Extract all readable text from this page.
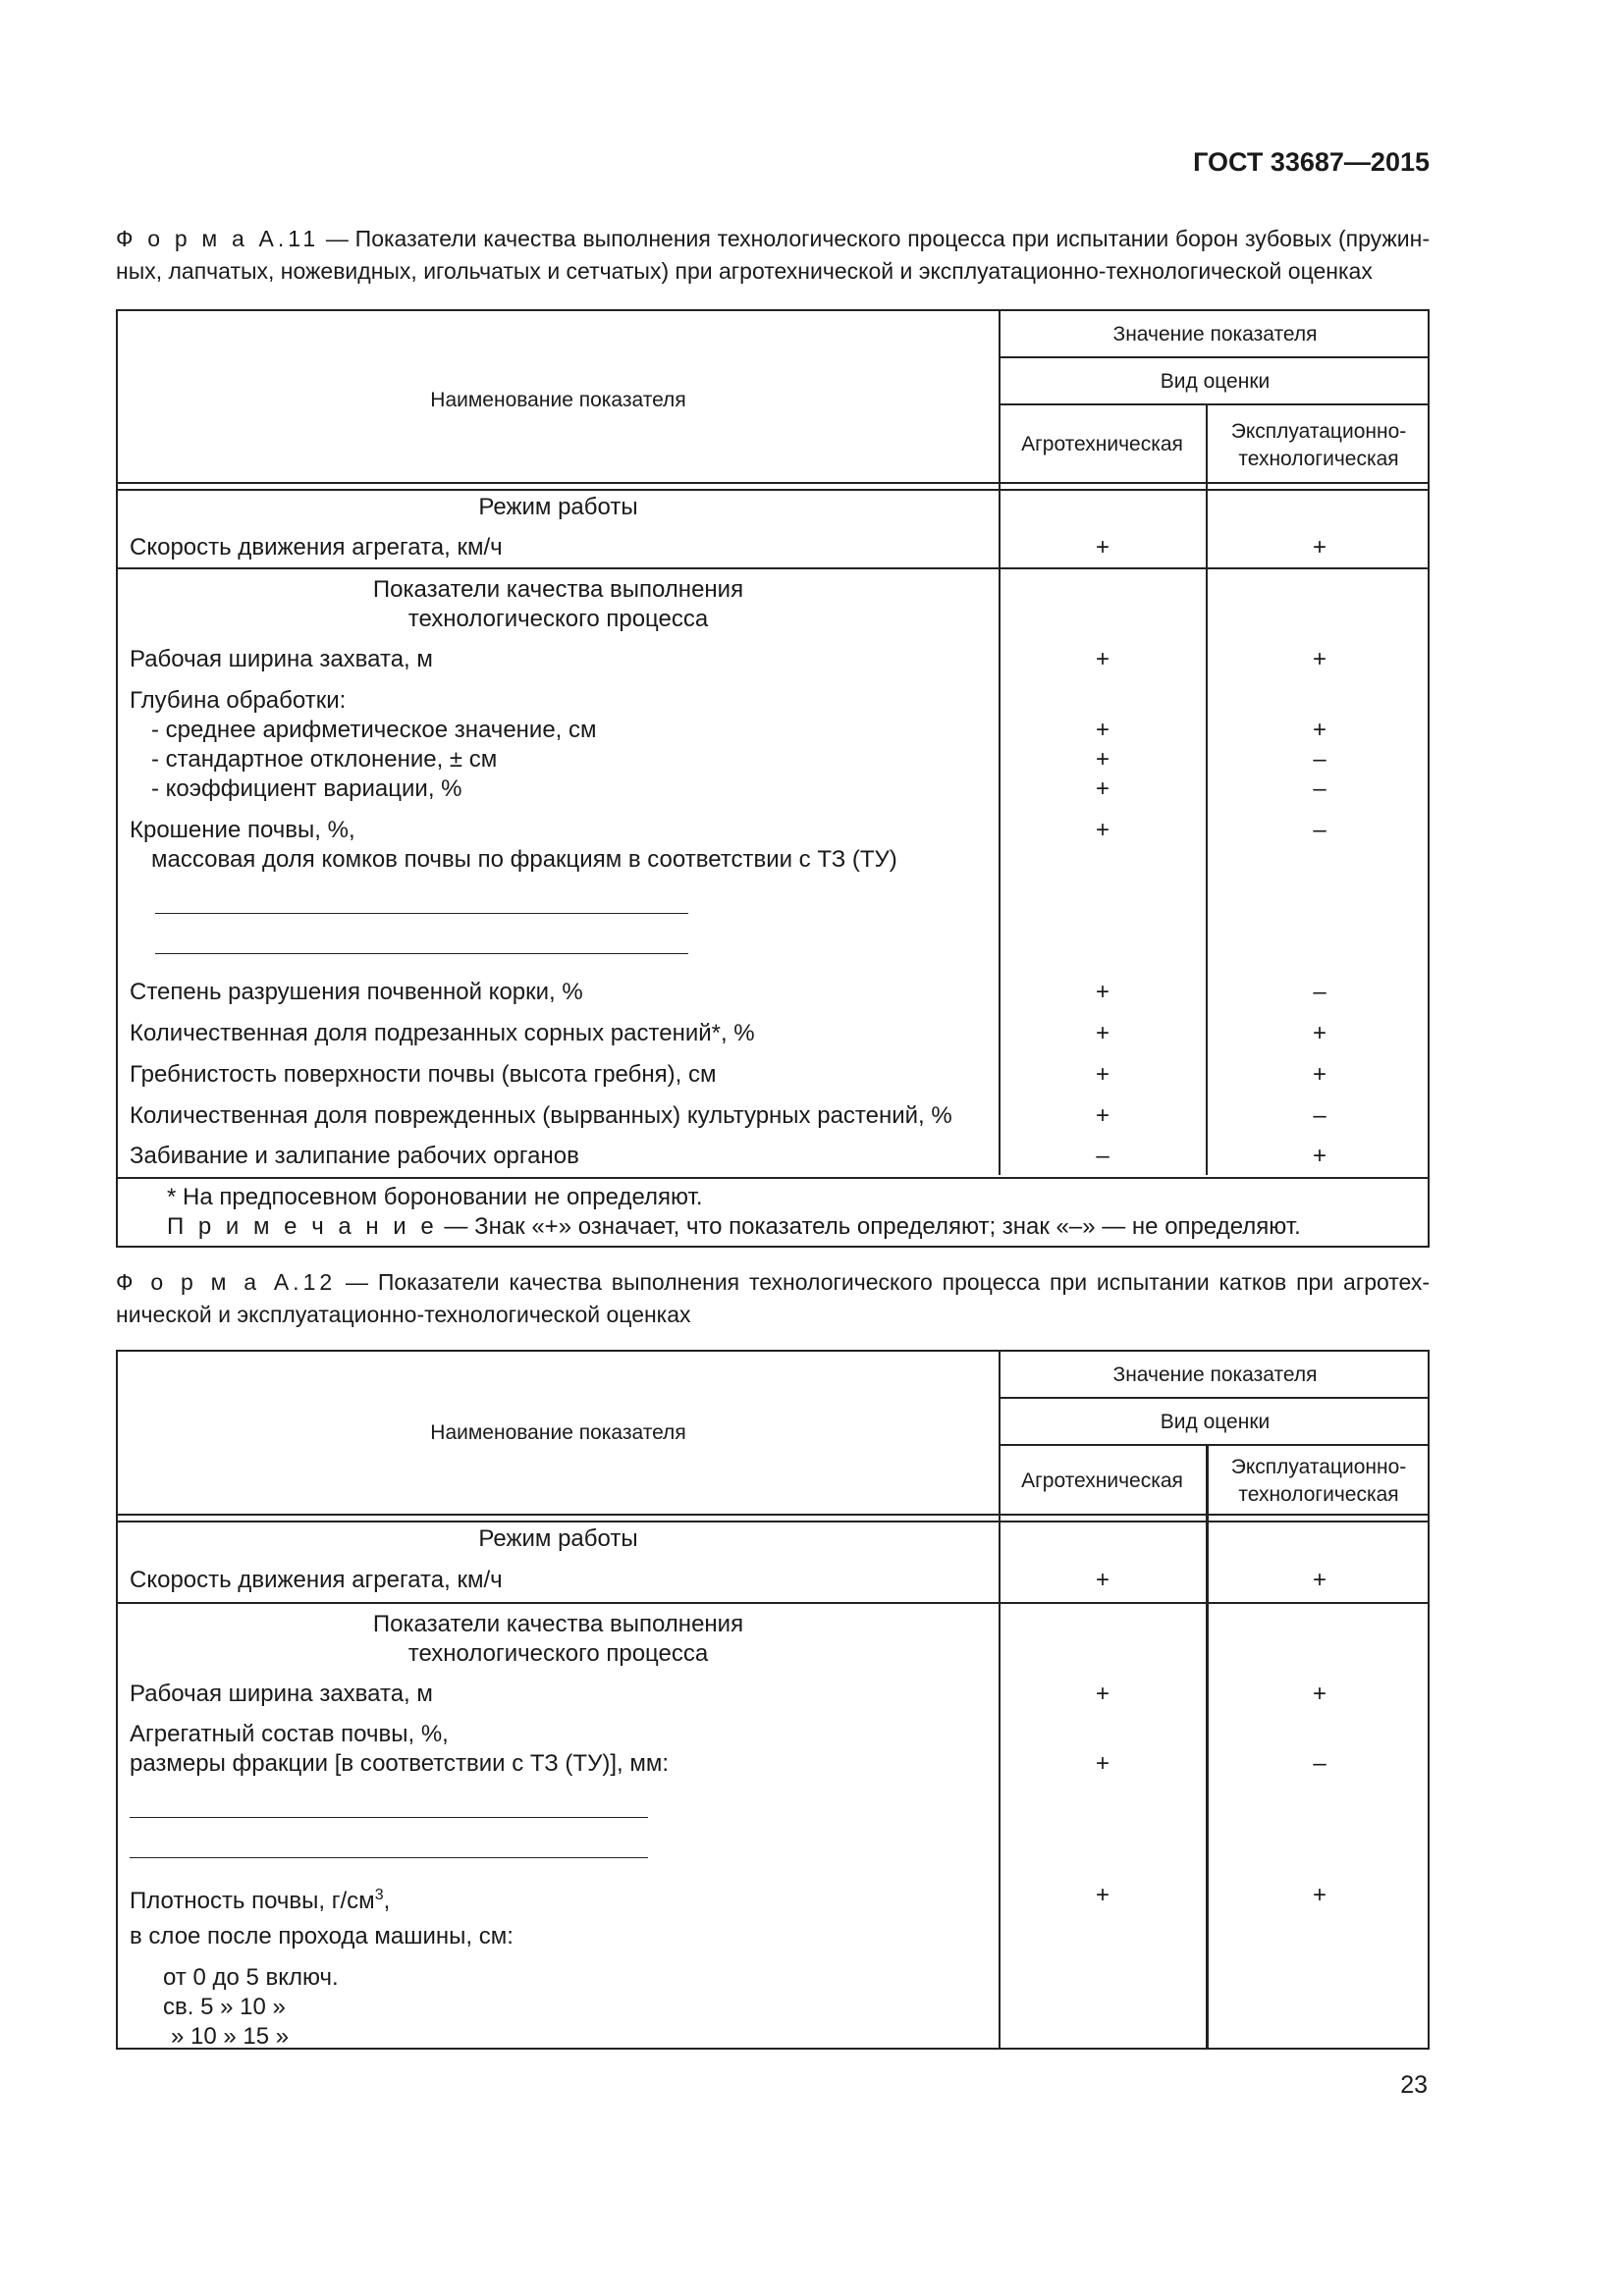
ГОСТ 33687—2015
Ф о р м а А.11 — Показатели качества выполнения технологического процесса при испытании борон зубовых (пружин-
ных, лапчатых, ножевидных, игольчатых и сетчатых) при агротехнической и эксплуатационно-технологической оценках
Наименование показателя
Значение показателя
Вид оценки
Агротехническая
Эксплуатационно-
технологическая
Режим работы
Скорость движения агрегата, км/ч	+	+
Показатели качества выполнения
технологического процесса
Рабочая ширина захвата, м	+	+
Глубина обработки:
- среднее арифметическое значение, см	+	+
- стандартное отклонение, ± см	+	–
- коэффициент вариации, %	+	–
Крошение почвы, %,	+	–
массовая доля комков почвы по фракциям в соответствии с ТЗ (ТУ)
Степень разрушения почвенной корки, %	+	–
Количественная доля подрезанных сорных растений*, %	+	+
Гребнистость поверхности почвы (высота гребня), см	+	+
Количественная доля поврежденных (вырванных) культурных растений, %	+	–
Забивание и залипание рабочих органов	–	+
* На предпосевном бороновании не определяют.
П р и м е ч а н и е — Знак «+» означает, что показатель определяют; знак «–» — не определяют.
Ф о р м а А.12 — Показатели качества выполнения технологического процесса при испытании катков при агротех-
нической и эксплуатационно-технологической оценках
Наименование показателя
Значение показателя
Вид оценки
Агротехническая
Эксплуатационно-
технологическая
Режим работы
Скорость движения агрегата, км/ч	+	+
Показатели качества выполнения
технологического процесса
Рабочая ширина захвата, м	+	+
Агрегатный состав почвы, %,
размеры фракции [в соответствии с ТЗ (ТУ)], мм:	+	–
Плотность почвы, $г/см^3$,	+	+
в слое после прохода машины, см:
от 0 до 5 включ.
св. 5 » 10 »
» 10 » 15 »
23
